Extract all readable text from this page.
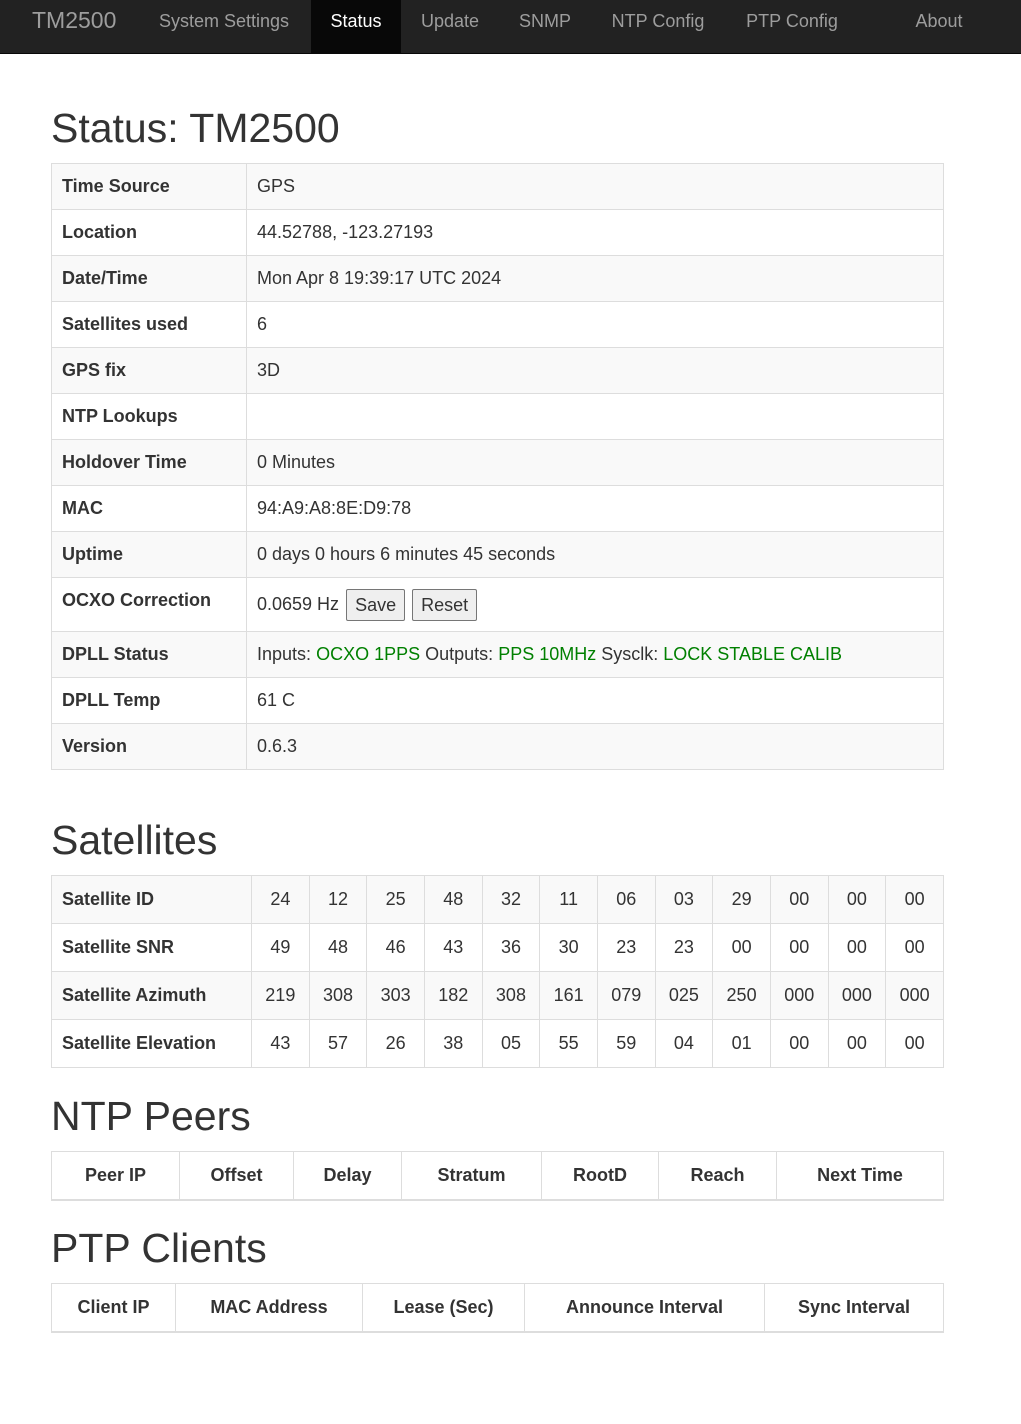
TM2500	System Settings	Status	Update	SNMP	NTP Config	PTP Config	About
Status: TM2500
Time Source	GPS
Location	44.52788, -123.27193
Date/Time	Mon Apr 8 19:39:17 UTC 2024
Satellites used	6
GPS fix	3D
NTP Lookups	
Holdover Time	0 Minutes
MAC	94:A9:A8:8E:D9:78
Uptime	0 days 0 hours 6 minutes 45 seconds
OCXO Correction	0.0659 Hz Save Reset
DPLL Status	Inputs: OCXO 1PPS Outputs: PPS 10MHz Sysclk: LOCK STABLE CALIB
DPLL Temp	61 C
Version	0.6.3
Satellites
Satellite ID	24	12	25	48	32	11	06	03	29	00	00	00
Satellite SNR	49	48	46	43	36	30	23	23	00	00	00	00
Satellite Azimuth	219	308	303	182	308	161	079	025	250	000	000	000
Satellite Elevation	43	57	26	38	05	55	59	04	01	00	00	00
NTP Peers
Peer IP	Offset	Delay	Stratum	RootD	Reach	Next Time
PTP Clients
Client IP	MAC Address	Lease (Sec)	Announce Interval	Sync Interval
